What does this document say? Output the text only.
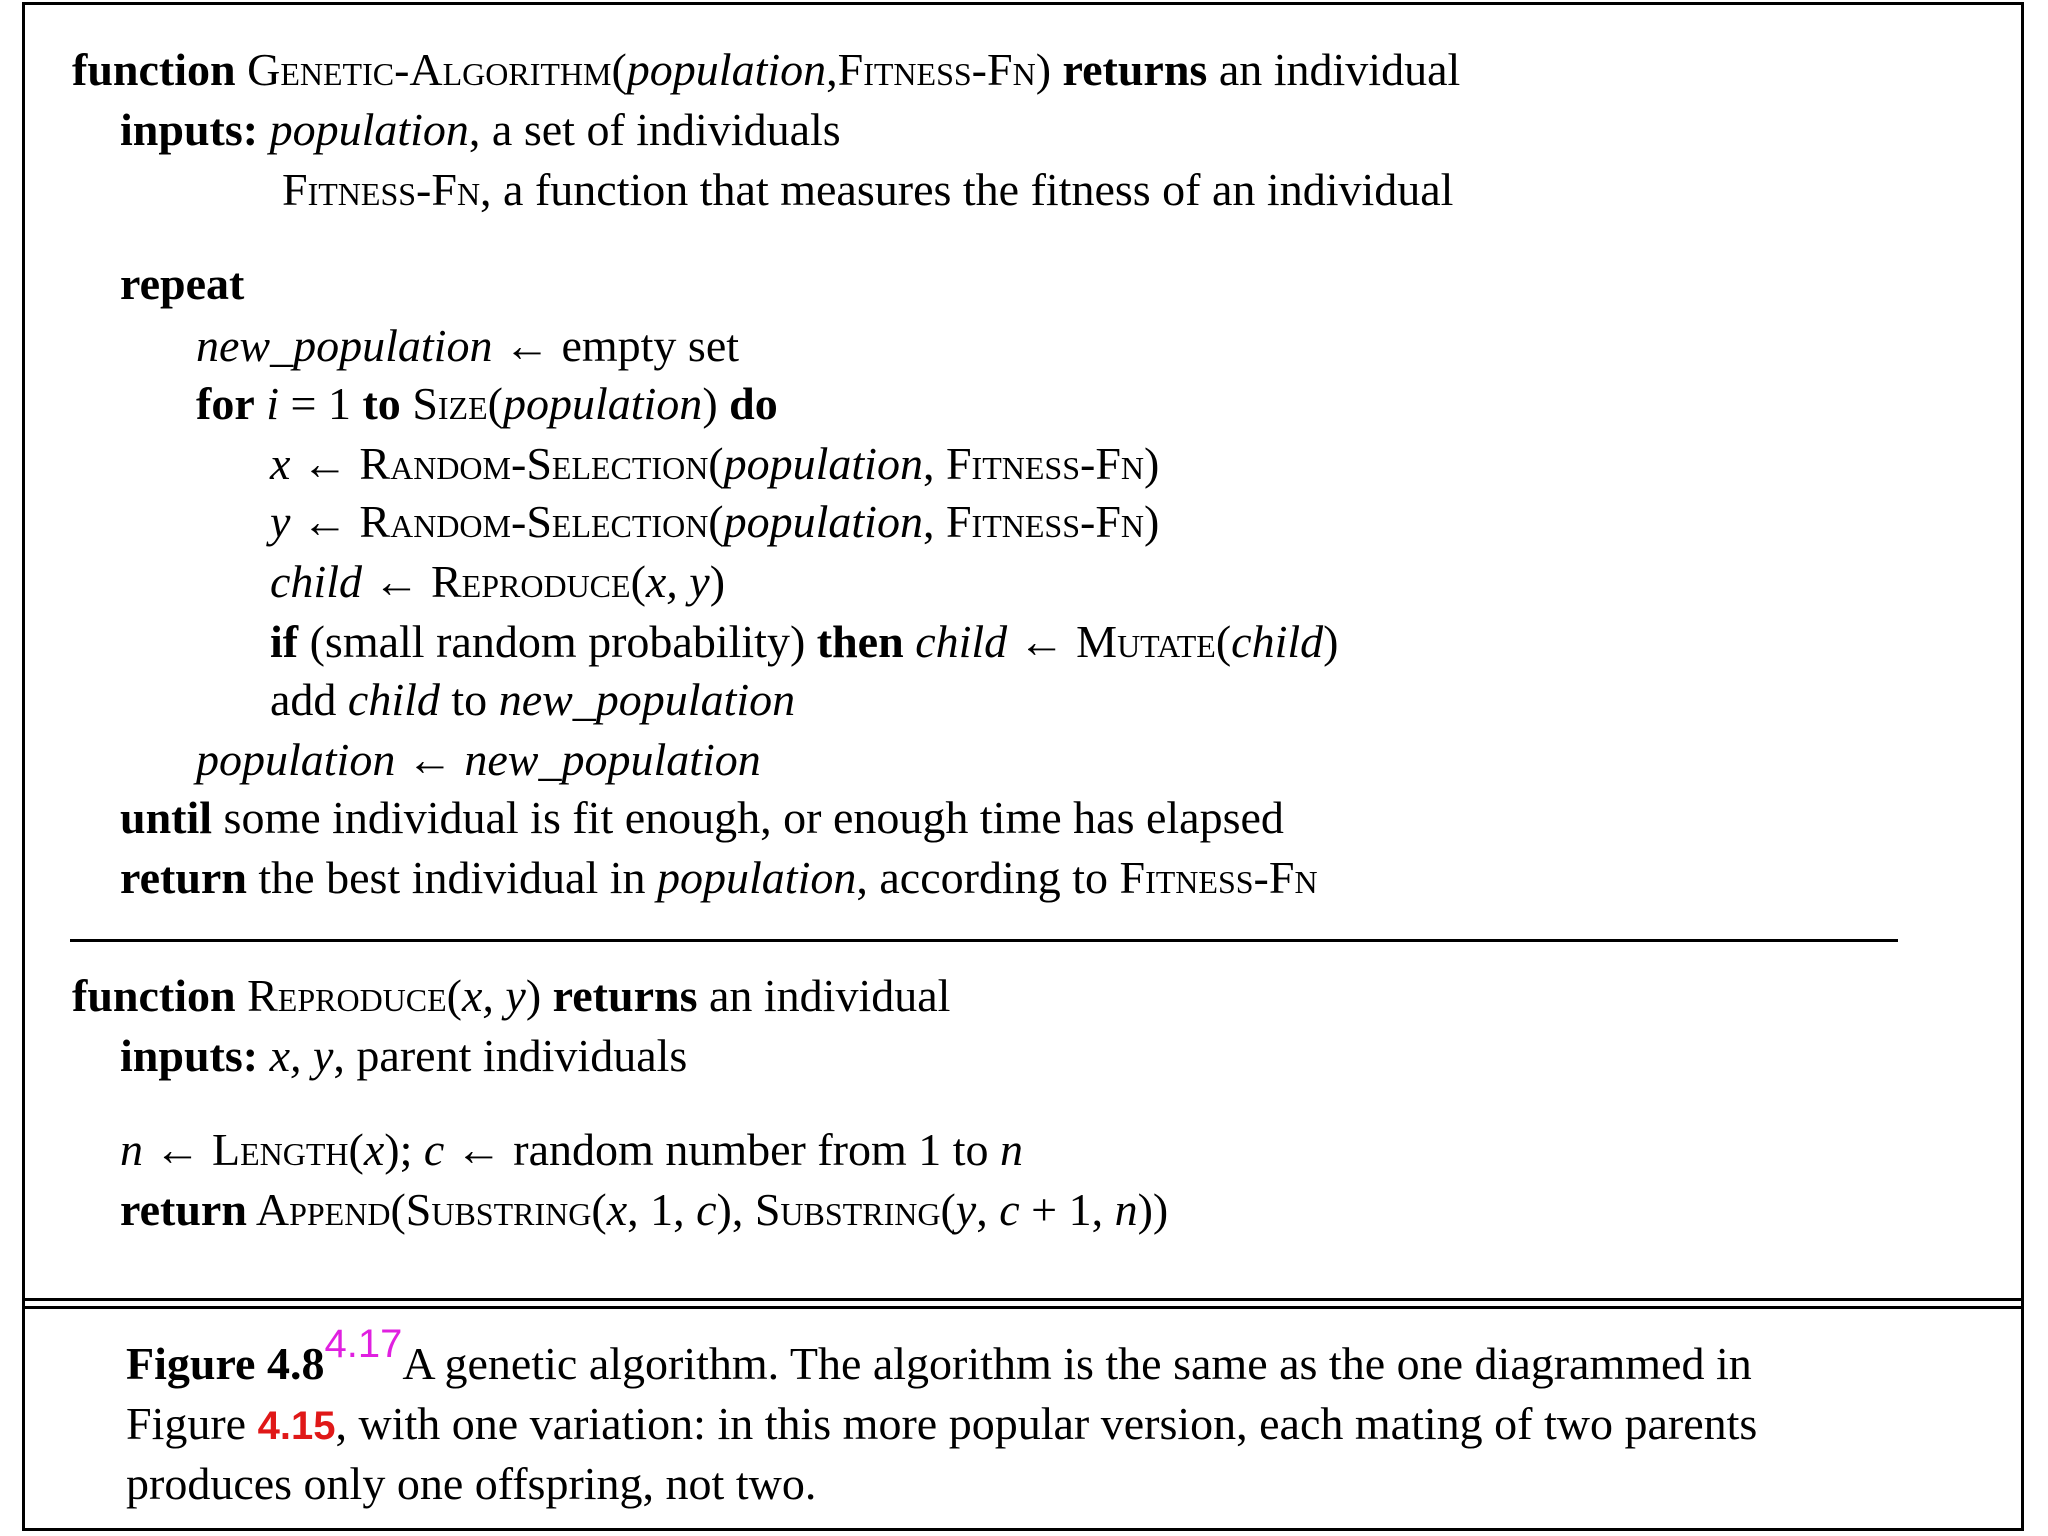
function Genetic-Algorithm(population,Fitness-Fn) returns an individual
inputs: population, a set of individuals
Fitness-Fn, a function that measures the fitness of an individual
repeat
new_population ← empty set
for i = 1 to Size(population) do
x ← Random-Selection(population, Fitness-Fn)
y ← Random-Selection(population, Fitness-Fn)
child ← Reproduce(x, y)
if (small random probability) then child ← Mutate(child)
add child to new_population
population ← new_population
until some individual is fit enough, or enough time has elapsed
return the best individual in population, according to Fitness-Fn
function Reproduce(x, y) returns an individual
inputs: x, y, parent individuals
n ← Length(x); c ← random number from 1 to n
return Append(Substring(x, 1, c), Substring(y, c + 1, n))
Figure 4.84.17A genetic algorithm. The algorithm is the same as the one diagrammed in
Figure 4.15, with one variation: in this more popular version, each mating of two parents
produces only one offspring, not two.
